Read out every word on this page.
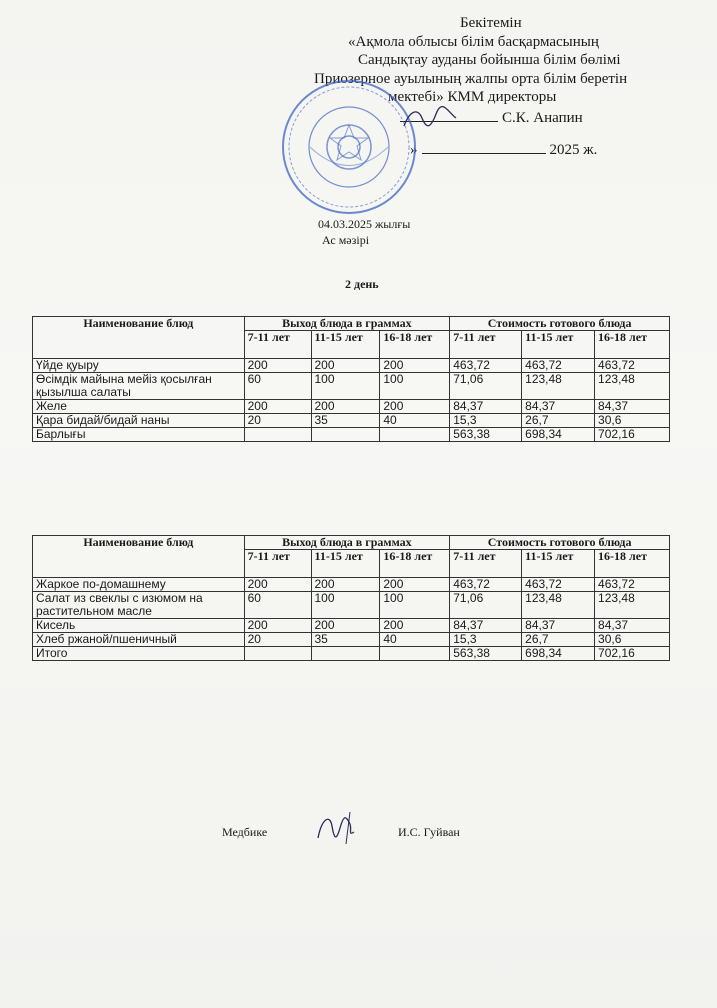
Бекітемін
«Ақмола облысы білім басқармасының
Сандықтау ауданы бойынша білім бөлімі
Приозерное ауылының жалпы орта білім беретін
мектебі» КММ директоры
С.К. Анапин
»	2025 ж.
04.03.2025 жылғы
Ас мәзірі
2 день
Наименование блюд	Выход блюда в граммах			Стоимость готового блюда		
	7-11 лет	11-15 лет	16-18 лет	7-11 лет	11-15 лет	16-18 лет
Үйде қуыру	200	200	200	463,72	463,72	463,72
Өсімдік майына мейіз қосылған қызылша салаты	60	100	100	71,06	123,48	123,48
Желе	200	200	200	84,37	84,37	84,37
Қара бидай/бидай наны	20	35	40	15,3	26,7	30,6
Барлығы				563,38	698,34	702,16
Наименование блюд	Выход блюда в граммах			Стоимость готового блюда		
	7-11 лет	11-15 лет	16-18 лет	7-11 лет	11-15 лет	16-18 лет
Жаркое по-домашнему	200	200	200	463,72	463,72	463,72
Салат из свеклы с изюмом на растительном масле	60	100	100	71,06	123,48	123,48
Кисель	200	200	200	84,37	84,37	84,37
Хлеб ржаной/пшеничный	20	35	40	15,3	26,7	30,6
Итого				563,38	698,34	702,16
Медбике	И.С. Гуйван
